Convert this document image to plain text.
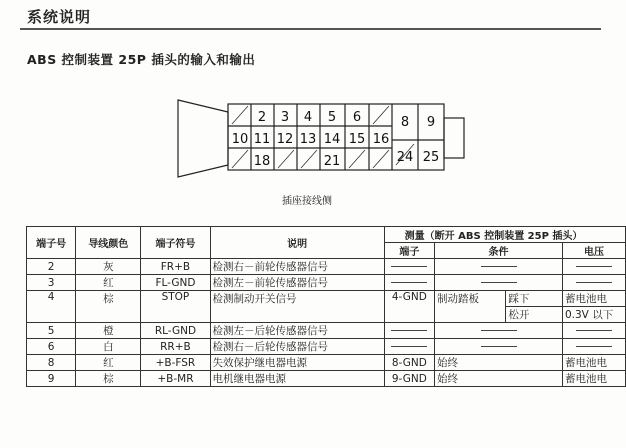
系统说明
ABS 控制装置 25P 插头的输入和输出
2 3 4 5 6
10 11 12 13 14 15 16
18	21
8 9
24 25
插座接线侧
端子号	导线颜色	端子符号	说明	测量（断开 ABS 控制装置 25P 插头）			
				端子	条件		电压
2	灰	FR+B	检测右－前轮传感器信号				
3	红	FL-GND	检测左－前轮传感器信号				
4	棕	STOP	检测制动开关信号	4-GND	制动踏板	踩下	蓄电池电
						松开	0.3V 以下
5	橙	RL-GND	检测左－后轮传感器信号				
6	白	RR+B	检测右－后轮传感器信号				
8	红	+B-FSR	失效保护继电器电源	8-GND	始终		蓄电池电
9	棕	+B-MR	电机继电器电源	9-GND	始终		蓄电池电
